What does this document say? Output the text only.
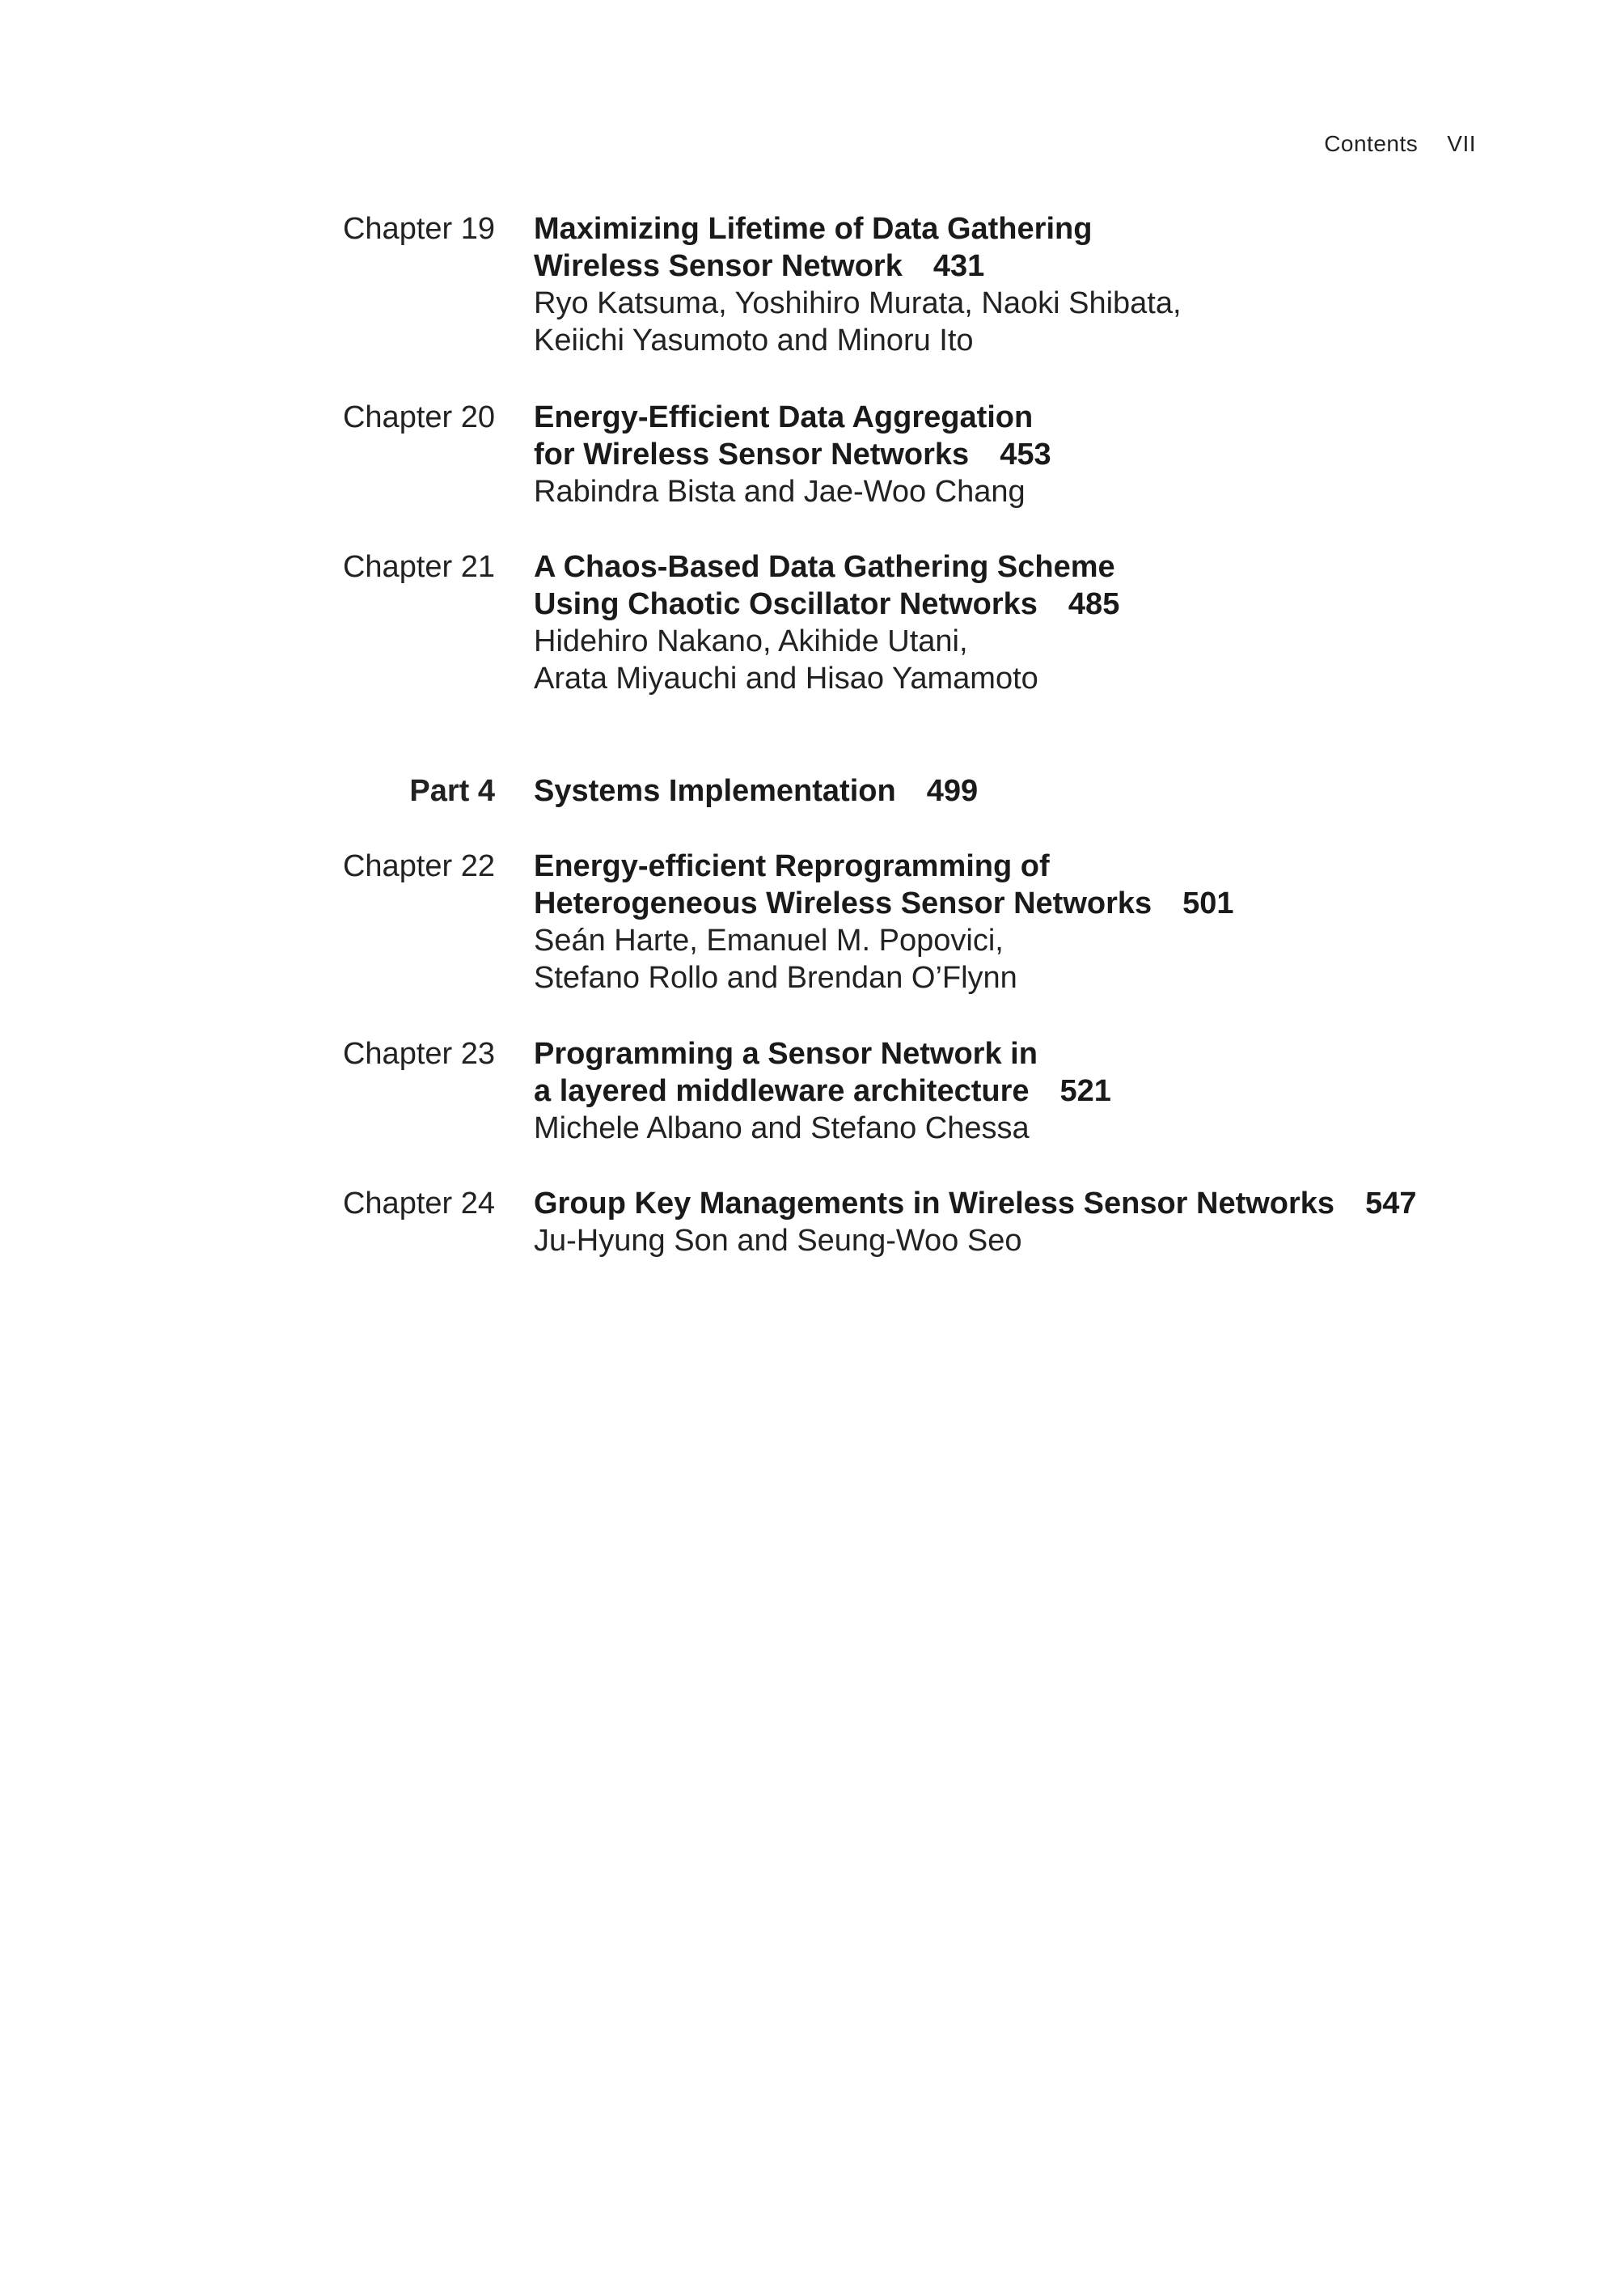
Contents VII
Chapter 19 Maximizing Lifetime of Data Gathering
Wireless Sensor Network 431
Ryo Katsuma, Yoshihiro Murata, Naoki Shibata,
Keiichi Yasumoto and Minoru Ito
Chapter 20 Energy-Efficient Data Aggregation
for Wireless Sensor Networks 453
Rabindra Bista and Jae-Woo Chang
Chapter 21 A Chaos-Based Data Gathering Scheme
Using Chaotic Oscillator Networks 485
Hidehiro Nakano, Akihide Utani,
Arata Miyauchi and Hisao Yamamoto
Part 4 Systems Implementation 499
Chapter 22 Energy-efficient Reprogramming of
Heterogeneous Wireless Sensor Networks 501
Seán Harte, Emanuel M. Popovici,
Stefano Rollo and Brendan O’Flynn
Chapter 23 Programming a Sensor Network in
a layered middleware architecture 521
Michele Albano and Stefano Chessa
Chapter 24 Group Key Managements in Wireless Sensor Networks 547
Ju-Hyung Son and Seung-Woo Seo
